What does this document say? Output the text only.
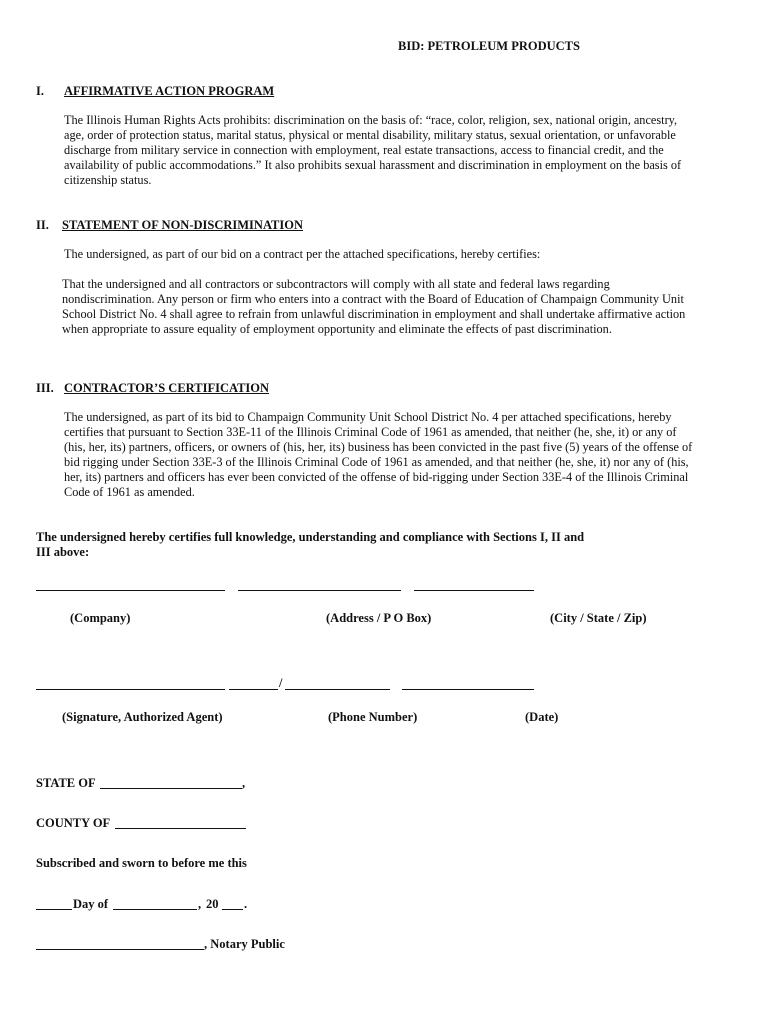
BID: PETROLEUM PRODUCTS
I. AFFIRMATIVE ACTION PROGRAM

The Illinois Human Rights Acts prohibits: discrimination on the basis of: “race, color, religion, sex, national origin, ancestry, age, order of protection status, marital status, physical or mental disability, military status, sexual orientation, or unfavorable discharge from military service in connection with employment, real estate transactions, access to financial credit, and the availability of public accommodations.” It also prohibits sexual harassment and discrimination in employment on the basis of citizenship status.

II. STATEMENT OF NON-DISCRIMINATION

The undersigned, as part of our bid on a contract per the attached specifications, hereby certifies:

That the undersigned and all contractors or subcontractors will comply with all state and federal laws regarding nondiscrimination. Any person or firm who enters into a contract with the Board of Education of Champaign Community Unit School District No. 4 shall agree to refrain from unlawful discrimination in employment and shall undertake affirmative action when appropriate to assure equality of employment opportunity and eliminate the effects of past discrimination.

III. CONTRACTOR’S CERTIFICATION

The undersigned, as part of its bid to Champaign Community Unit School District No. 4 per attached specifications, hereby certifies that pursuant to Section 33E-11 of the Illinois Criminal Code of 1961 as amended, that neither (he, she, it) or any of (his, her, its) partners, officers, or owners of (his, her, its) business has been convicted in the past five (5) years of the offense of bid rigging under Section 33E-3 of the Illinois Criminal Code of 1961 as amended, and that neither (he, she, it) nor any of (his, her, its) partners and officers has ever been convicted of the offense of bid-rigging under Section 33E-4 of the Illinois Criminal Code of 1961 as amended.

The undersigned hereby certifies full knowledge, understanding and compliance with Sections I, II and III above:

(Company)	(Address / P O Box)	(City / State / Zip)
/
(Signature, Authorized Agent)	(Phone Number)	(Date)
STATE OF	,
COUNTY OF
Subscribed and sworn to before me this
Day of	, 20 .
, Notary Public
